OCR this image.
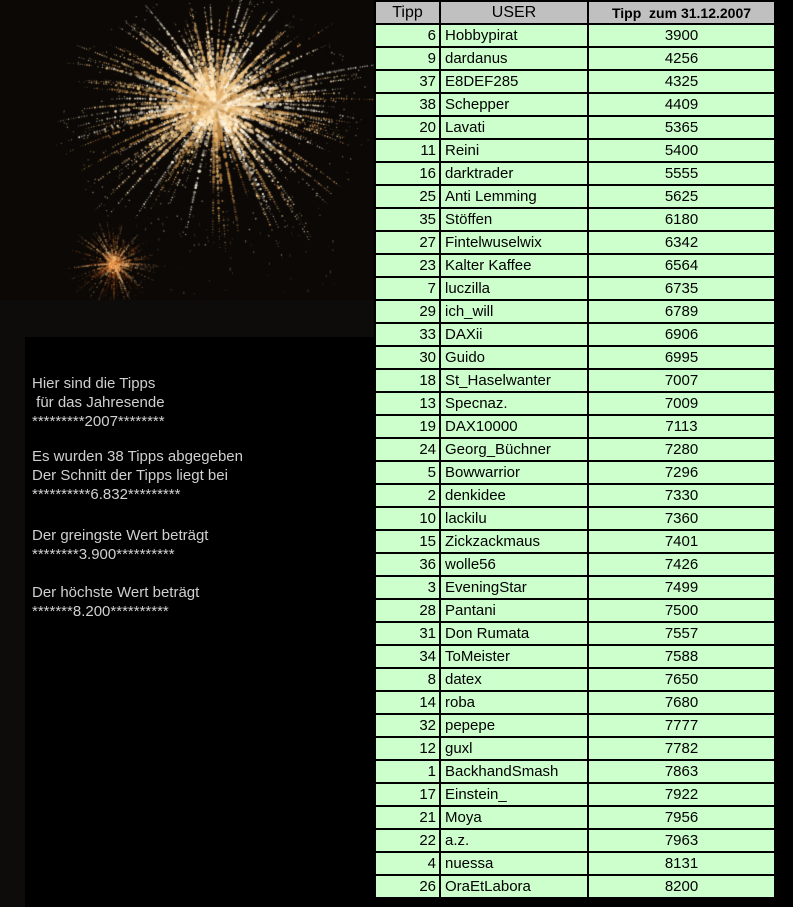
Hier sind die Tipps
für das Jahresende
*********2007********
Es wurden 38 Tipps abgegeben
Der Schnitt der Tipps liegt bei
**********6.832*********
Der greingste Wert beträgt
********3.900**********
Der höchste Wert beträgt
*******8.200**********
Tipp	USER	Tipp  zum 31.12.2007
6	Hobbypirat	3900
9	dardanus	4256
37	E8DEF285	4325
38	Schepper	4409
20	Lavati	5365
11	Reini	5400
16	darktrader	5555
25	Anti Lemming	5625
35	Stöffen	6180
27	Fintelwuselwix	6342
23	Kalter Kaffee	6564
7	luczilla	6735
29	ich_will	6789
33	DAXii	6906
30	Guido	6995
18	St_Haselwanter	7007
13	Specnaz.	7009
19	DAX10000	7113
24	Georg_Büchner	7280
5	Bowwarrior	7296
2	denkidee	7330
10	lackilu	7360
15	Zickzackmaus	7401
36	wolle56	7426
3	EveningStar	7499
28	Pantani	7500
31	Don Rumata	7557
34	ToMeister	7588
8	datex	7650
14	roba	7680
32	pepepe	7777
12	guxl	7782
1	BackhandSmash	7863
17	Einstein_	7922
21	Moya	7956
22	a.z.	7963
4	nuessa	8131
26	OraEtLabora	8200
